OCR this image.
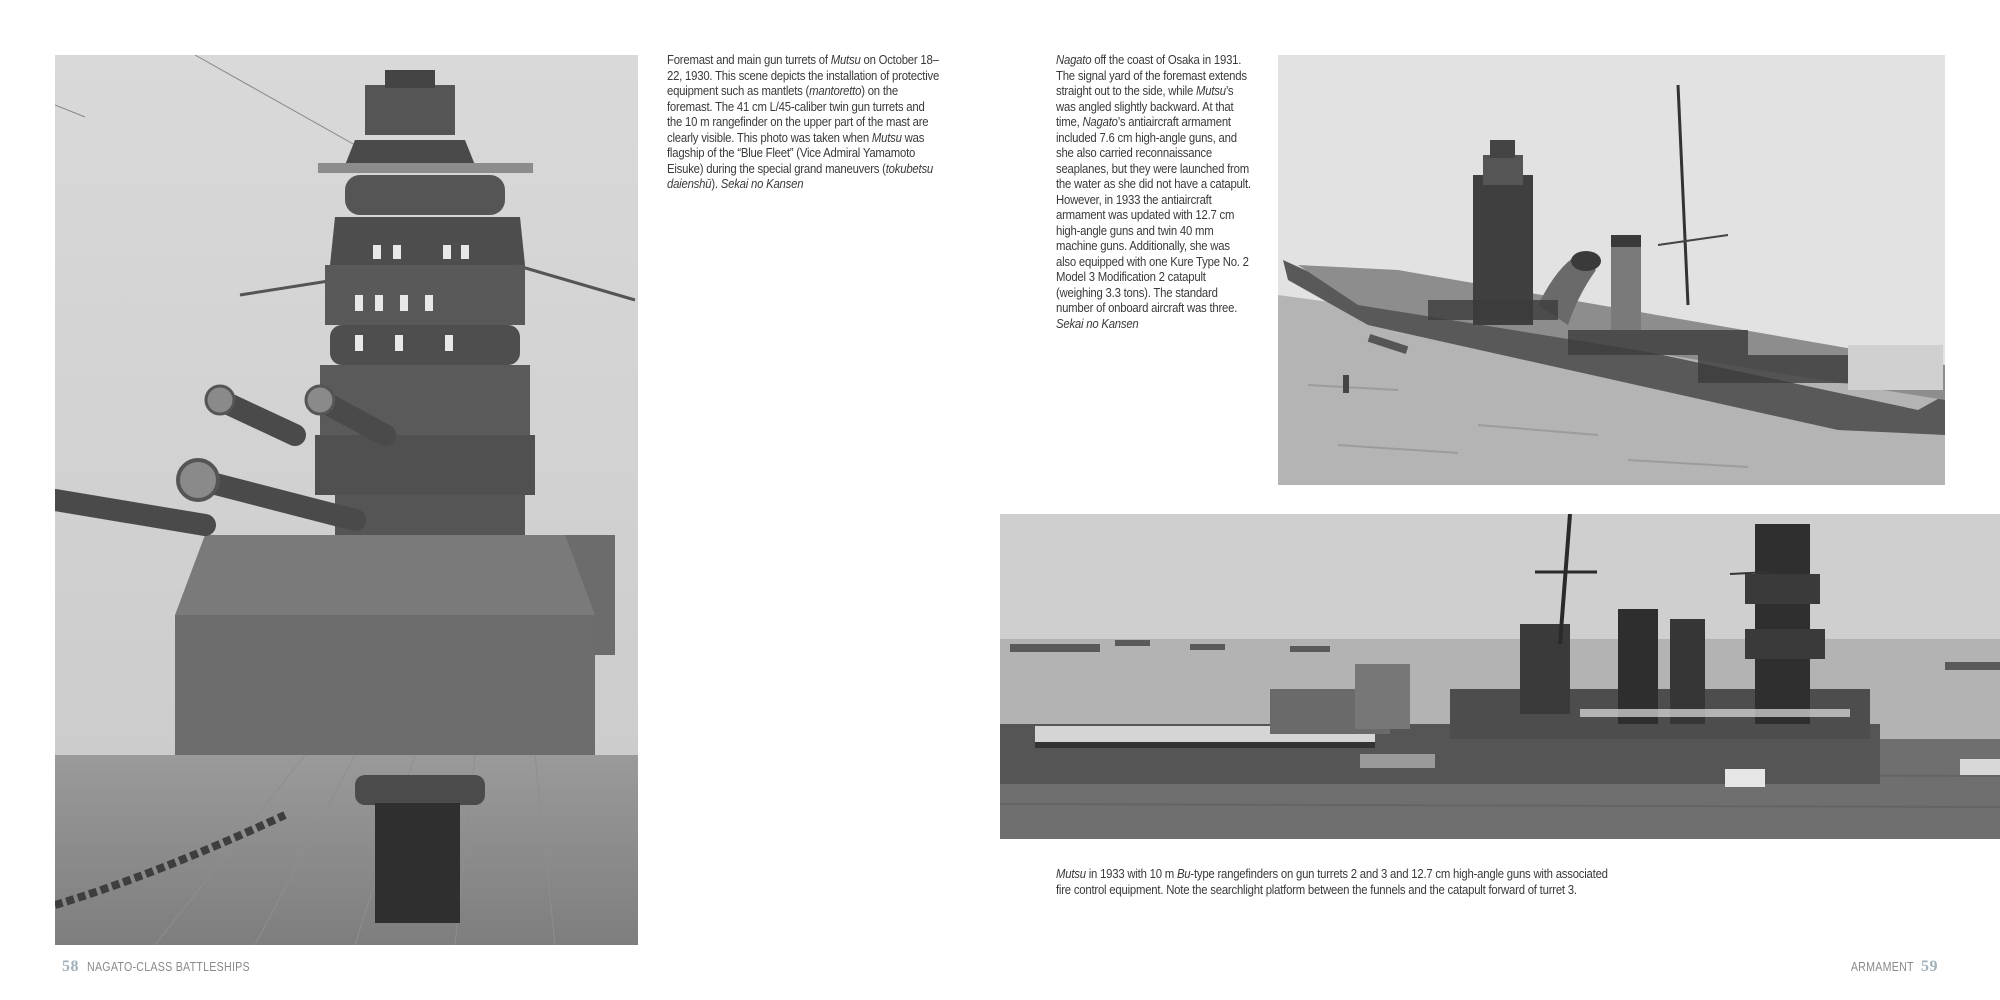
Foremast and main gun turrets of Mutsu on October 18–22, 1930. This scene depicts the installation of protective equipment such as mantlets (mantoretto) on the foremast. The 41 cm L/45-caliber twin gun turrets and the 10 m rangefinder on the upper part of the mast are clearly visible. This photo was taken when Mutsu was flagship of the “Blue Fleet” (Vice Admiral Yamamoto Eisuke) during the special grand maneuvers (tokubetsu daienshū). Sekai no Kansen
Nagato off the coast of Osaka in 1931. The signal yard of the foremast extends straight out to the side, while Mutsu’s was angled slightly backward. At that time, Nagato’s antiaircraft armament included 7.6 cm high-angle guns, and she also carried reconnaissance seaplanes, but they were launched from the water as she did not have a catapult. However, in 1933 the antiaircraft armament was updated with 12.7 cm high-angle guns and twin 40 mm machine guns. Additionally, she was also equipped with one Kure Type No. 2 Model 3 Modification 2 catapult (weighing 3.3 tons). The standard number of onboard aircraft was three. Sekai no Kansen
Mutsu in 1933 with 10 m Bu-type rangefinders on gun turrets 2 and 3 and 12.7 cm high-angle guns with associated fire control equipment. Note the searchlight platform between the funnels and the catapult forward of turret 3.
58 NAGATO-CLASS BATTLESHIPS	ARMAMENT 59
